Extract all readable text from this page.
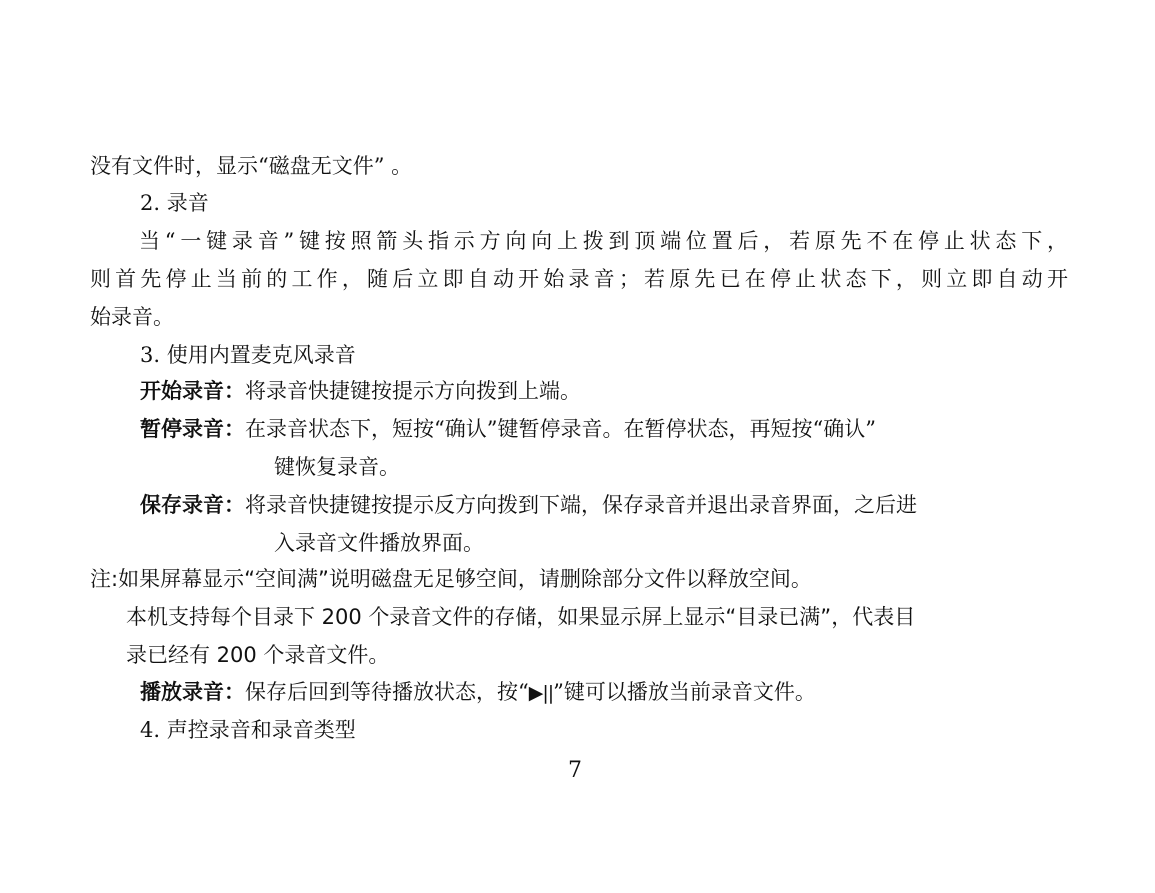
没有文件时，显示“磁盘无文件” 。

2. 录音

当“一键录音”键按照箭头指示方向向上拨到顶端位置后，若原先不在停止状态下，

则首先停止当前的工作，随后立即自动开始录音；若原先已在停止状态下，则立即自动开

始录音。

3. 使用内置麦克风录音

开始录音：将录音快捷键按提示方向拨到上端。

暂停录音：在录音状态下，短按“确认”键暂停录音。在暂停状态，再短按“确认”

键恢复录音。

保存录音：将录音快捷键按提示反方向拨到下端，保存录音并退出录音界面，之后进

入录音文件播放界面。

注:如果屏幕显示“空间满”说明磁盘无足够空间，请删除部分文件以释放空间。

本机支持每个目录下 200 个录音文件的存储，如果显示屏上显示“目录已满”，代表目

录已经有 200 个录音文件。

播放录音：保存后回到等待播放状态，按“▶||”键可以播放当前录音文件。

4. 声控录音和录音类型

7
